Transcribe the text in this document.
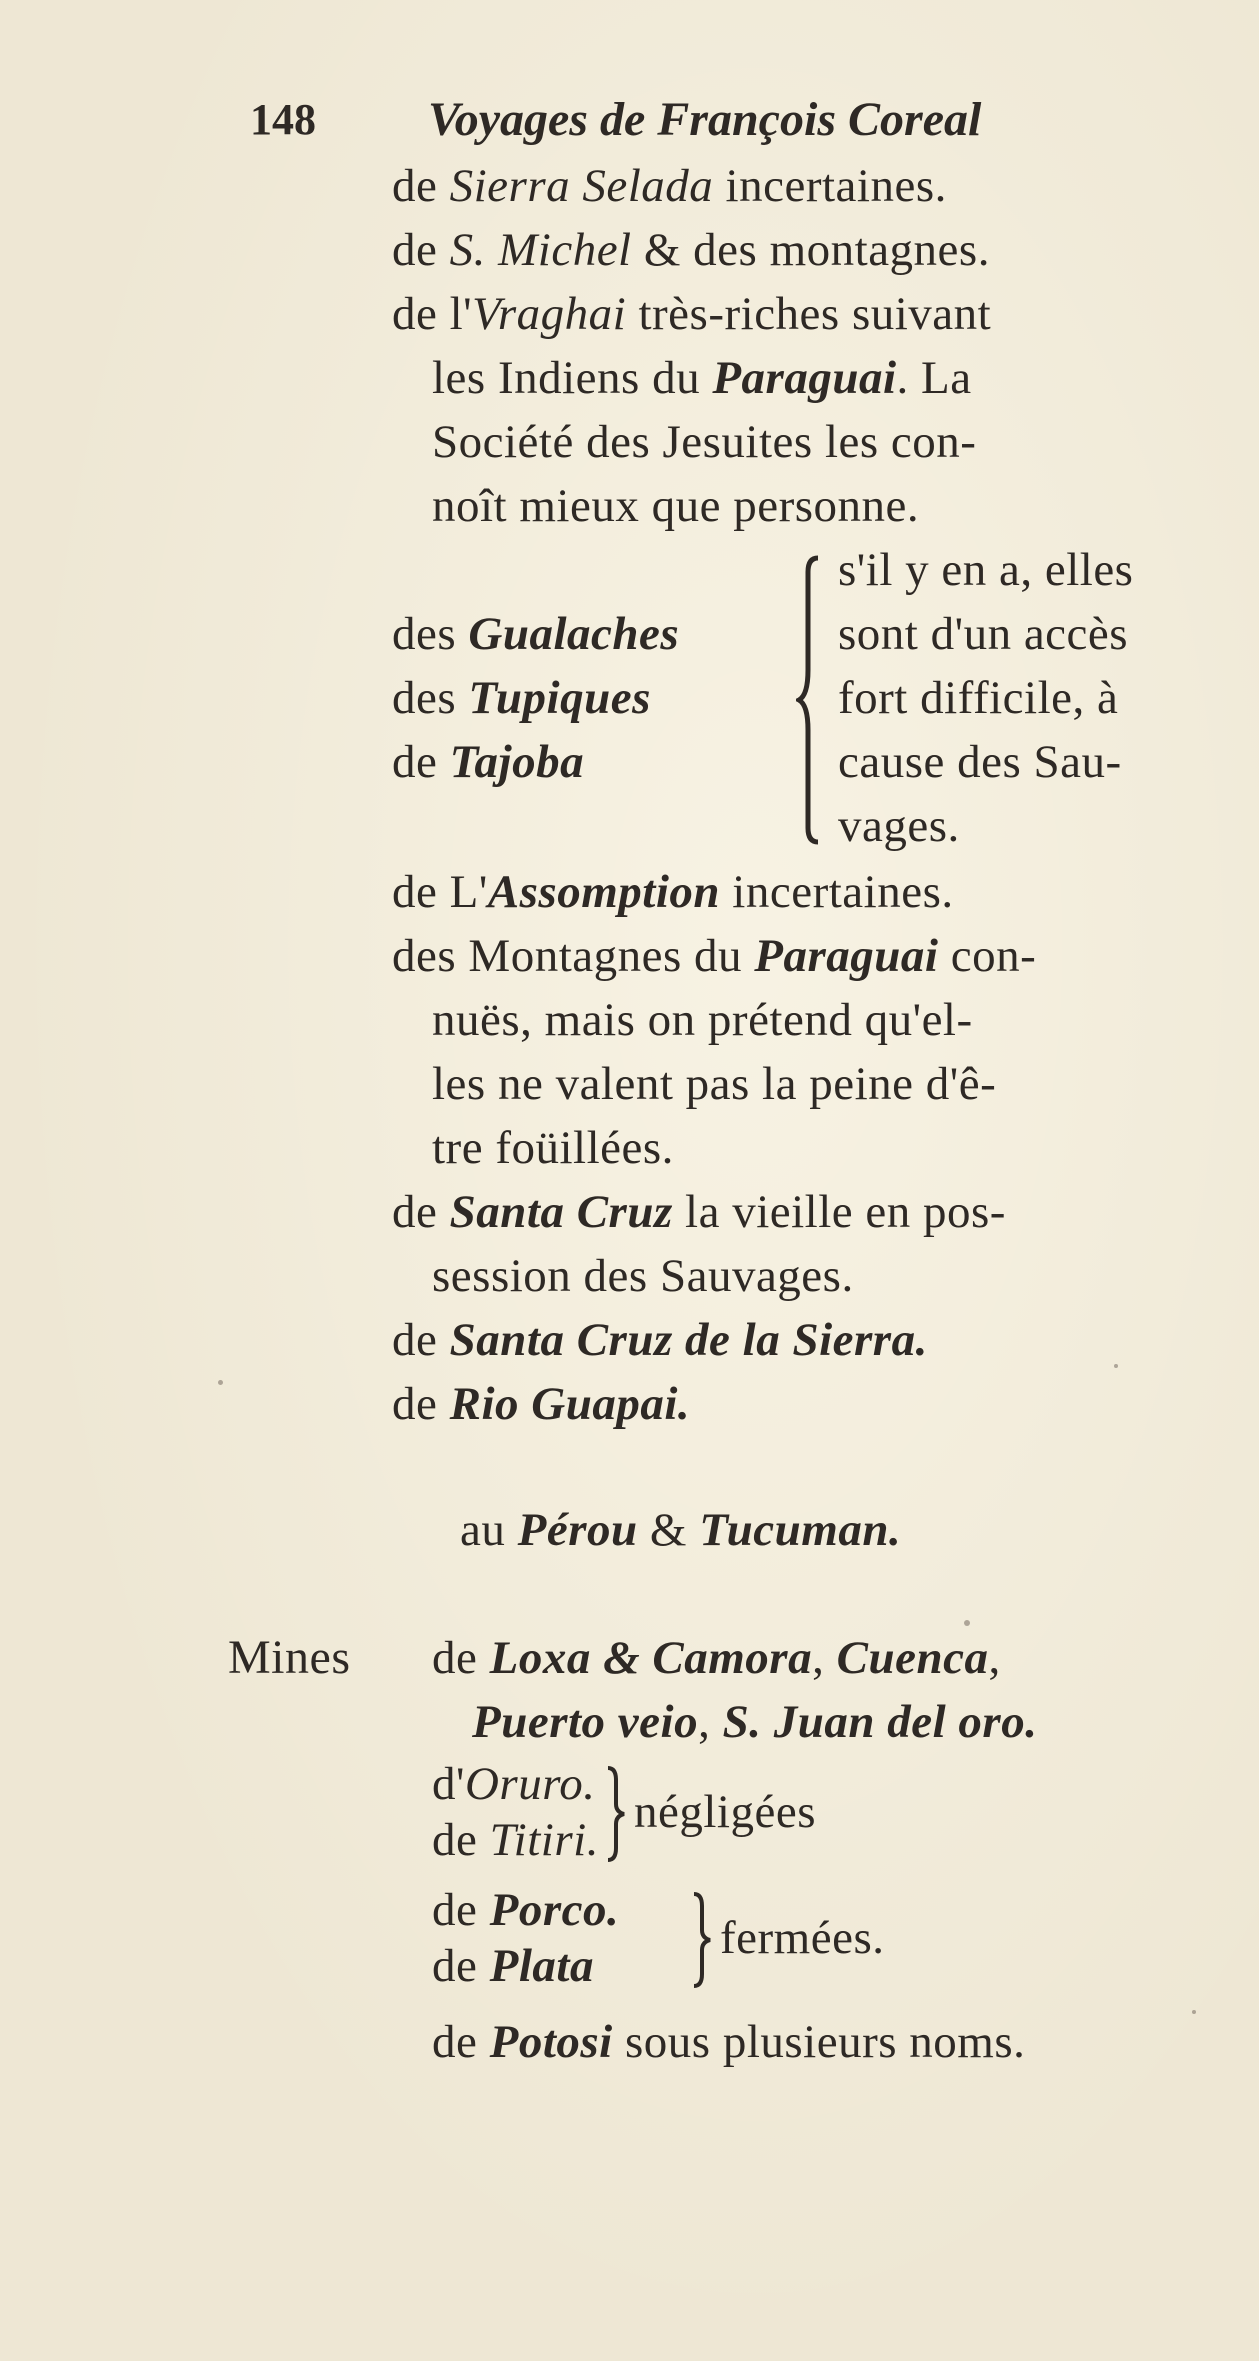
148 Voyages de François Coreal
de Sierra Selada incertaines.
de S. Michel & des montagnes.
de l'Vraghai très-riches suivant
les Indiens du Paraguai. La
Société des Jesuites les con-
noît mieux que personne.
des Gualaches
des Tupiques
de Tajoba
s'il y en a, elles
sont d'un accès
fort difficile, à
cause des Sau-
vages.
de L'Assomption incertaines.
des Montagnes du Paraguai con-
nuës, mais on prétend qu'el-
les ne valent pas la peine d'ê-
tre foüillées.
de Santa Cruz la vieille en pos-
session des Sauvages.
de Santa Cruz de la Sierra.
de Rio Guapai.
au Pérou & Tucuman.
Mines de Loxa & Camora, Cuenca,
Puerto veio, S. Juan del oro.
d'Oruro.
de Titiri.
négligées
de Porco.
de Plata
fermées.
de Potosi sous plusieurs noms.
